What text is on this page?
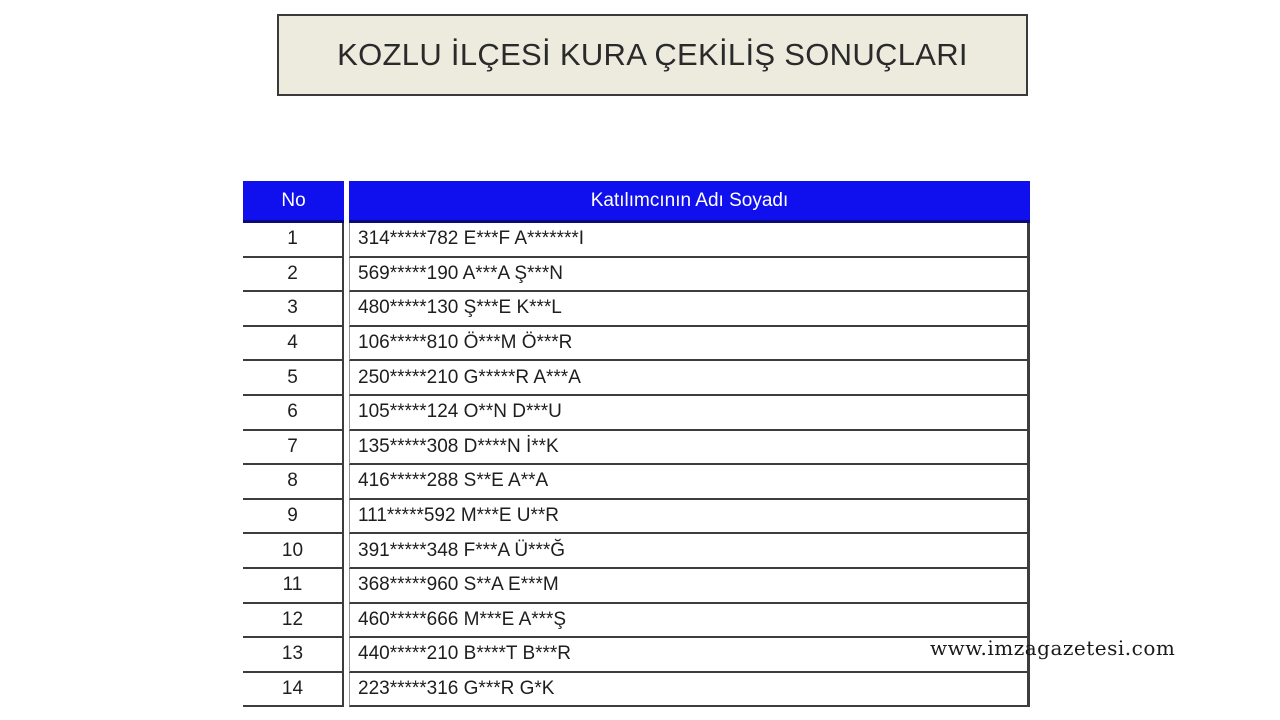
KOZLU İLÇESİ KURA ÇEKİLİŞ SONUÇLARI
No	Katılımcının Adı Soyadı
1	314*****782 E***F A*******I
2	569*****190 A***A Ş***N
3	480*****130 Ş***E K***L
4	106*****810 Ö***M Ö***R
5	250*****210 G*****R A***A
6	105*****124 O**N D***U
7	135*****308 D****N İ**K
8	416*****288 S**E A**A
9	111*****592 M***E U**R
10	391*****348 F***A Ü***Ğ
11	368*****960 S**A E***M
12	460*****666 M***E A***Ş
13	440*****210 B****T B***R
14	223*****316 G***R G*K
www.imzagazetesi.com
